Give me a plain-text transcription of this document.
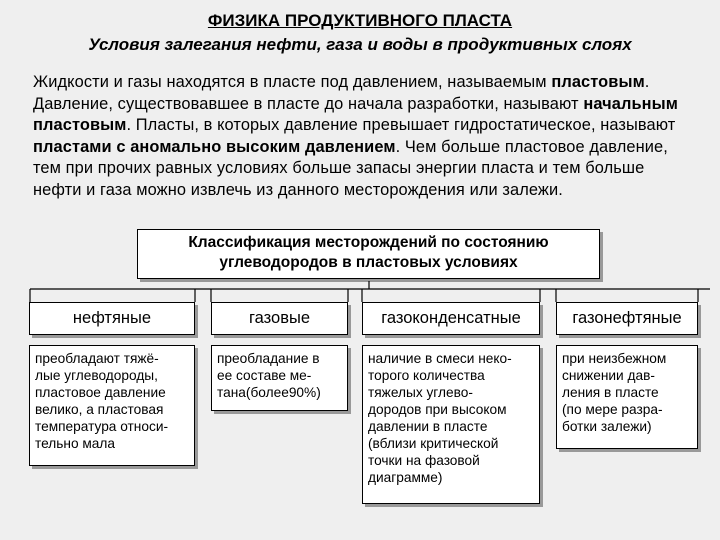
ФИЗИКА ПРОДУКТИВНОГО ПЛАСТА
Условия залегания нефти, газа и воды в продуктивных слоях
Жидкости и газы находятся в пласте под давлением, называемым пластовым. Давление, существовавшее в пласте до начала разработки, называют начальным пластовым. Пласты, в которых давление превышает гидростатическое, называют пластами с аномально высоким давлением. Чем больше пластовое давление, тем при прочих равных условиях больше запасы энергии пласта и тем больше нефти и газа можно извлечь из данного месторождения или залежи.
Классификация месторождений по состоянию
углеводородов в пластовых условиях
нефтяные	газовые	газоконденсатные	газонефтяные
преобладают тяжё-
лые углеводороды,
пластовое давление
велико, а пластовая
температура относи-
тельно мала
преобладание в
ее составе ме-
тана(более90%)
наличие в смеси неко-
торого количества
тяжелых углево-
дородов при высоком
давлении в пласте
(вблизи критической
точки на фазовой
диаграмме)
при неизбежном
снижении дав-
ления в пласте
(по мере разра-
ботки залежи)
